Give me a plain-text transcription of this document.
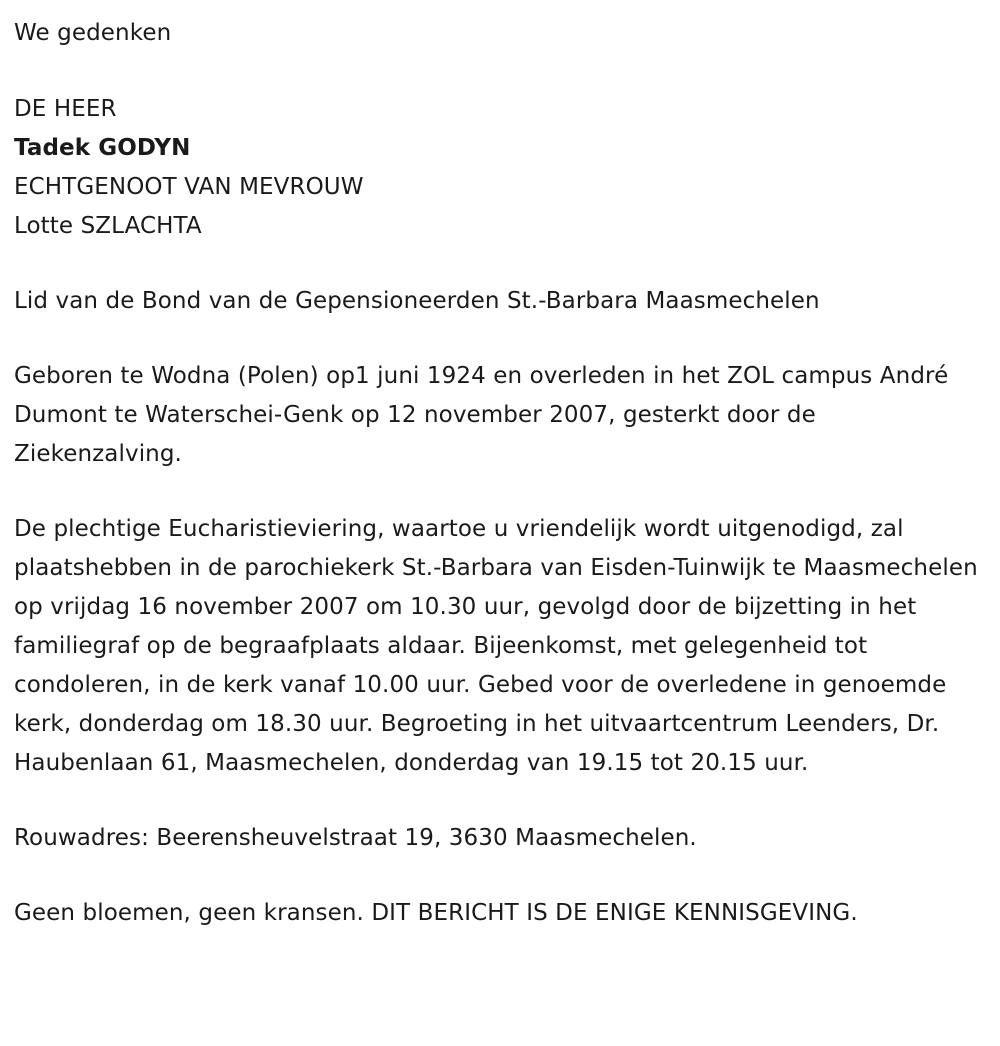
We gedenken
DE HEER
Tadek GODYN
ECHTGENOOT VAN MEVROUW
Lotte SZLACHTA

Lid van de Bond van de Gepensioneerden St.-Barbara Maasmechelen

Geboren te Wodna (Polen) op1 juni 1924 en overleden in het ZOL campus André Dumont te Waterschei-Genk op 12 november 2007, gesterkt door de Ziekenzalving.

De plechtige Eucharistieviering, waartoe u vriendelijk wordt uitgenodigd, zal plaatshebben in de parochiekerk St.-Barbara van Eisden-Tuinwijk te Maasmechelen op vrijdag 16 november 2007 om 10.30 uur, gevolgd door de bijzetting in het familiegraf op de begraafplaats aldaar. Bijeenkomst, met gelegenheid tot condoleren, in de kerk vanaf 10.00 uur. Gebed voor de overledene in genoemde kerk, donderdag om 18.30 uur. Begroeting in het uitvaartcentrum Leenders, Dr. Haubenlaan 61, Maasmechelen, donderdag van 19.15 tot 20.15 uur.

Rouwadres: Beerensheuvelstraat 19, 3630 Maasmechelen.

Geen bloemen, geen kransen. DIT BERICHT IS DE ENIGE KENNISGEVING.
